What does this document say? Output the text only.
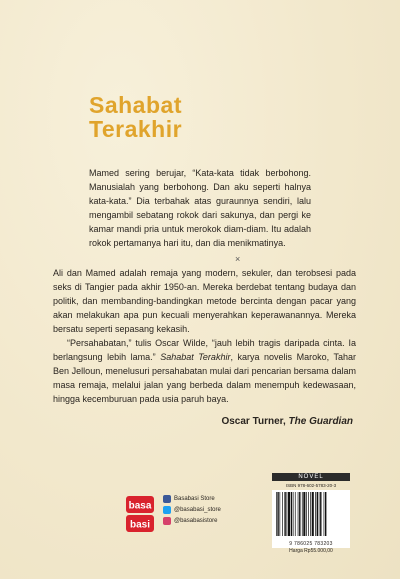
Sahabat
Terakhir
Mamed sering berujar, “Kata-kata tidak berbohong. Manusialah yang berbohong. Dan aku seperti halnya kata-kata.” Dia terbahak atas guraunnya sendiri, lalu mengambil sebatang rokok dari sakunya, dan pergi ke kamar mandi pria untuk merokok diam-diam. Itu adalah rokok pertamanya hari itu, dan dia menikmatinya.
×

Ali dan Mamed adalah remaja yang modern, sekuler, dan terobsesi pada seks di Tangier pada akhir 1950-an. Mereka berdebat tentang budaya dan politik, dan membanding-bandingkan metode bercinta dengan pacar yang akan melakukan apa pun kecuali menyerahkan keperawanannya. Mereka bersatu seperti sepasang kekasih.

“Persahabatan,” tulis Oscar Wilde, “jauh lebih tragis daripada cinta. Ia berlangsung lebih lama.” Sahabat Terakhir, karya novelis Maroko, Tahar Ben Jelloun, menelusuri persahabatan mulai dari pencarian bersama dalam masa remaja, melalui jalan yang berbeda dalam menempuh kedewasaan, hingga kecemburuan pada usia paruh baya.

Oscar Turner, The Guardian
basa
basi
Basabasi Store
@basabasi_store
@basabasistore
NOVEL
ISBN 978-602-5783-20-3
9 786025 783203
Harga Rp55.000,00
